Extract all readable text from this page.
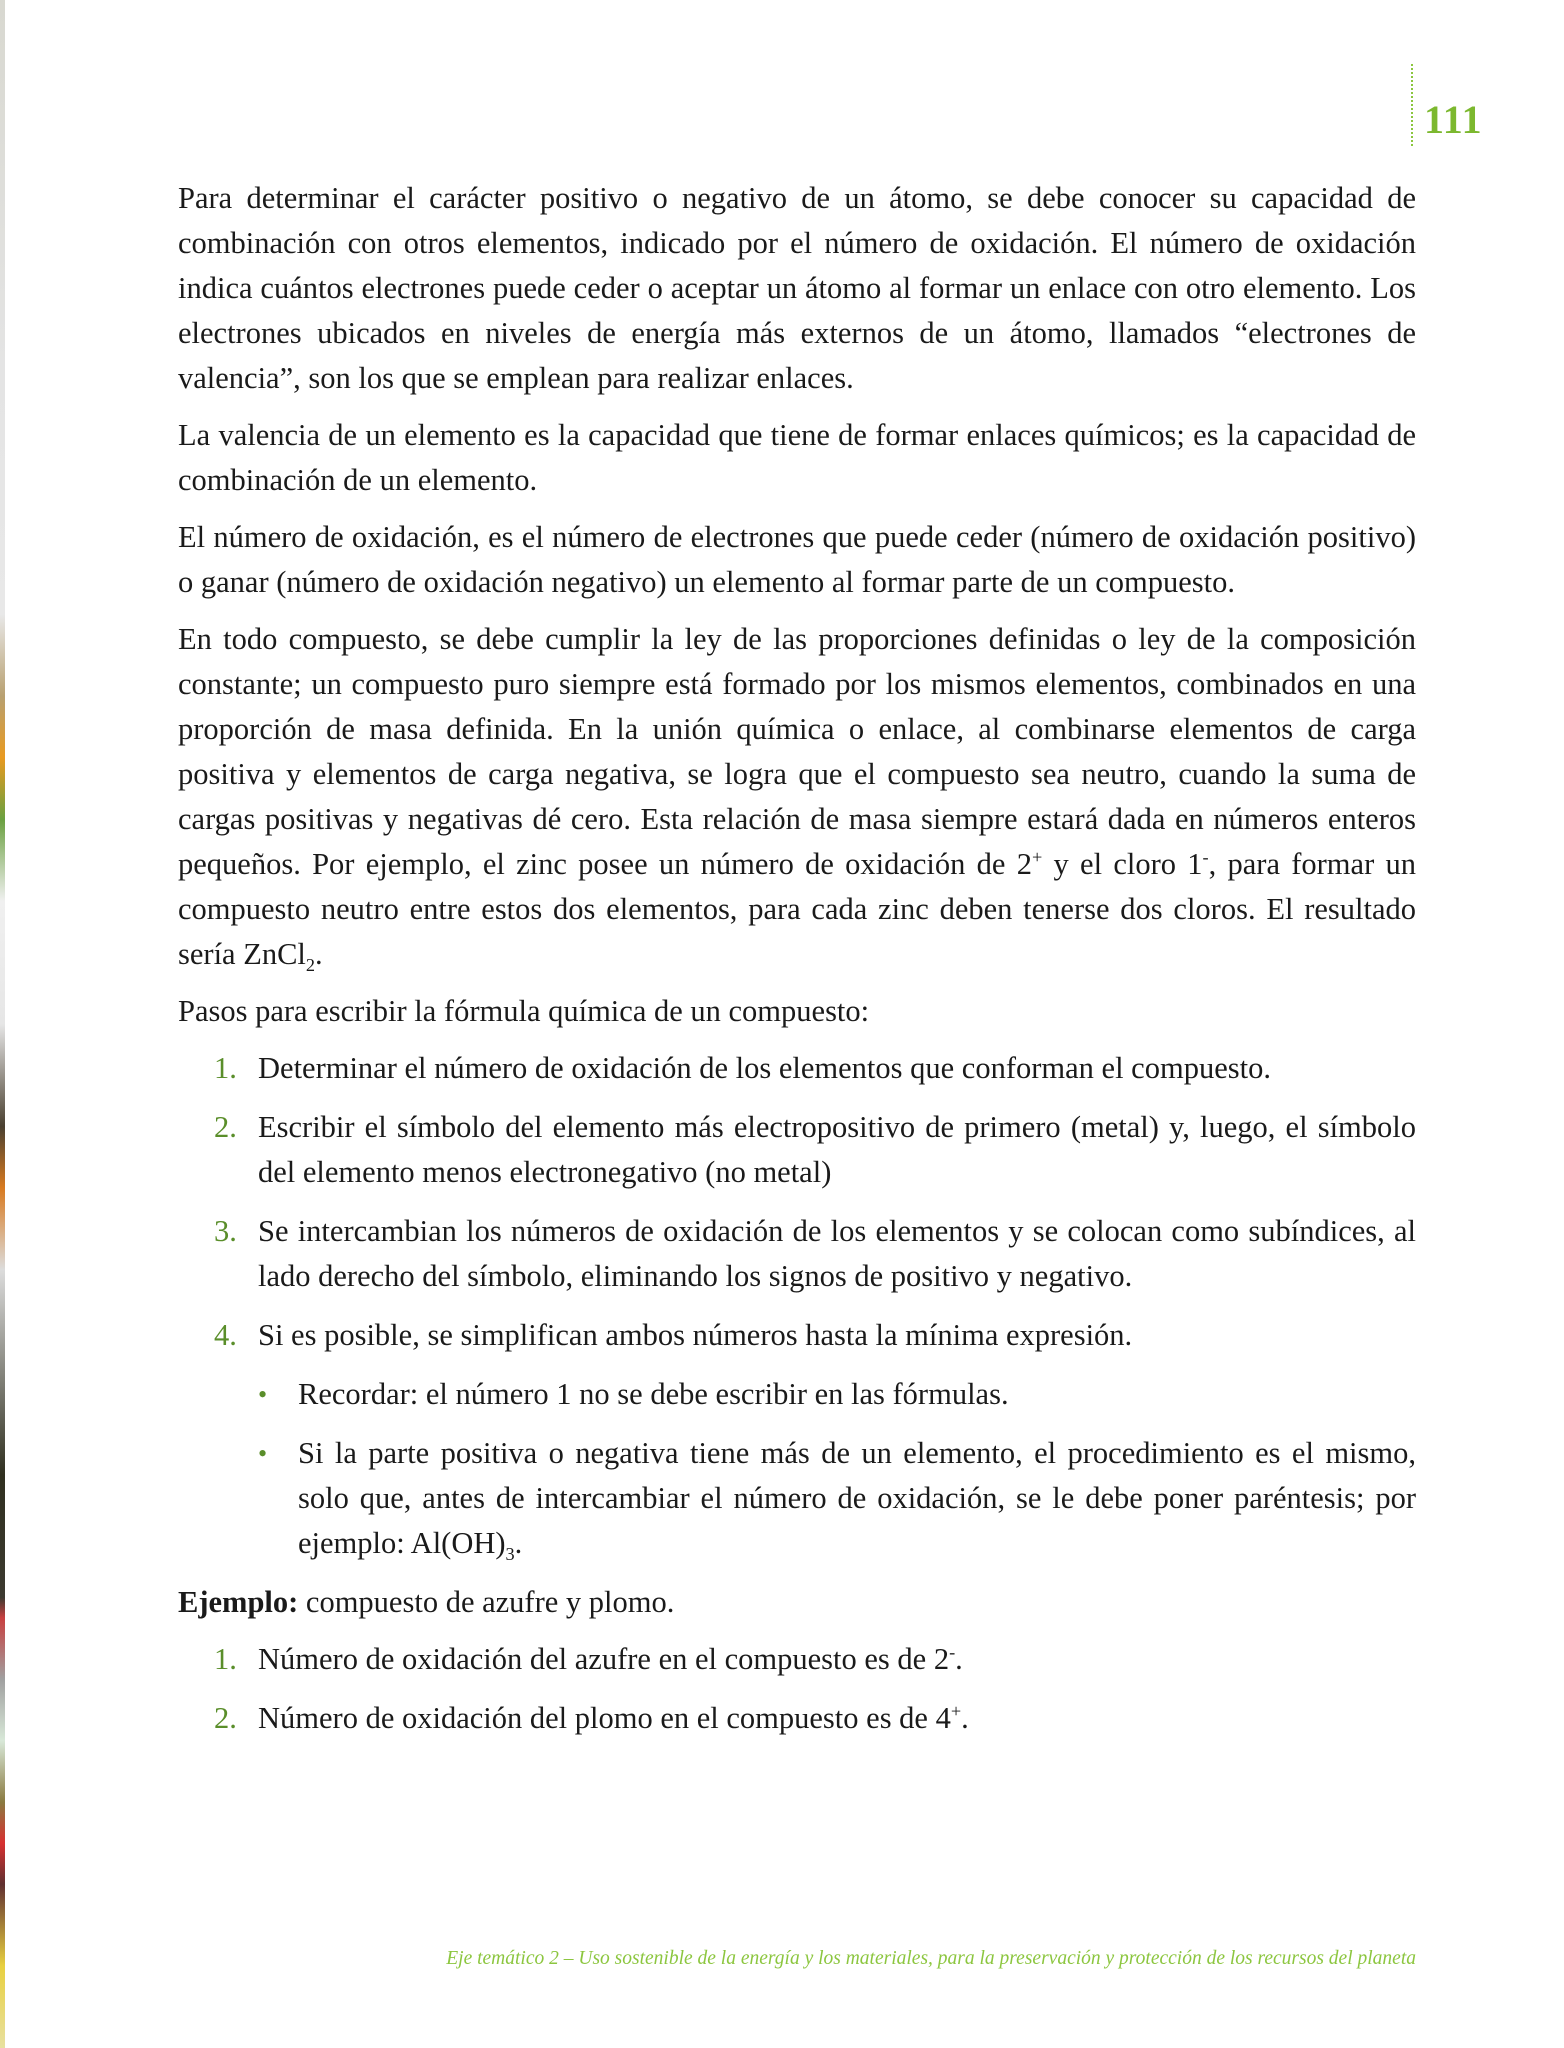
111

Para determinar el carácter positivo o negativo de un átomo, se debe conocer su capacidad de combinación con otros elementos, indicado por el número de oxidación. El número de oxidación indica cuántos electrones puede ceder o aceptar un átomo al formar un enlace con otro elemento. Los electrones ubicados en niveles de energía más externos de un átomo, llamados “electrones de valencia”, son los que se emplean para realizar enlaces.

La valencia de un elemento es la capacidad que tiene de formar enlaces químicos; es la capacidad de combinación de un elemento.

El número de oxidación, es el número de electrones que puede ceder (número de oxidación positivo) o ganar (número de oxidación negativo) un elemento al formar parte de un compuesto.

En todo compuesto, se debe cumplir la ley de las proporciones definidas o ley de la composición constante; un compuesto puro siempre está formado por los mismos elementos, combinados en una proporción de masa definida. En la unión química o enlace, al combinarse elementos de carga positiva y elementos de carga negativa, se logra que el compuesto sea neutro, cuando la suma de cargas positivas y negativas dé cero. Esta relación de masa siempre estará dada en números enteros pequeños. Por ejemplo, el zinc posee un número de oxidación de 2+ y el cloro 1-, para formar un compuesto neutro entre estos dos elementos, para cada zinc deben tenerse dos cloros. El resultado sería ZnCl$_2$.

Pasos para escribir la fórmula química de un compuesto:

1. Determinar el número de oxidación de los elementos que conforman el compuesto.
2. Escribir el símbolo del elemento más electropositivo de primero (metal) y, luego, el símbolo del elemento menos electronegativo (no metal)
3. Se intercambian los números de oxidación de los elementos y se colocan como subíndices, al lado derecho del símbolo, eliminando los signos de positivo y negativo.
4. Si es posible, se simplifican ambos números hasta la mínima expresión.
• Recordar: el número 1 no se debe escribir en las fórmulas.
• Si la parte positiva o negativa tiene más de un elemento, el procedimiento es el mismo, solo que, antes de intercambiar el número de oxidación, se le debe poner paréntesis; por ejemplo: $Al(OH)_3$.

Ejemplo: compuesto de azufre y plomo.

1. Número de oxidación del azufre en el compuesto es de 2-.
2. Número de oxidación del plomo en el compuesto es de 4+.
Eje temático 2 – Uso sostenible de la energía y los materiales, para la preservación y protección de los recursos del planeta
